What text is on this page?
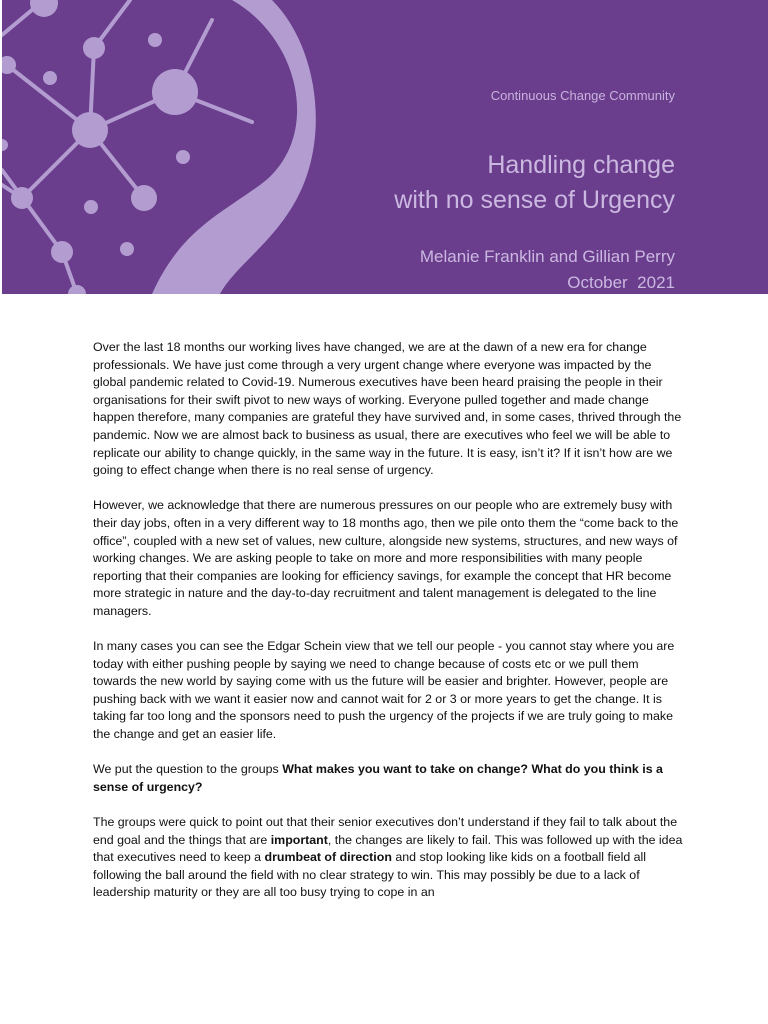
Continuous Change Community
Handling change
with no sense of Urgency
Melanie Franklin and Gillian Perry
October  2021

Over the last 18 months our working lives have changed, we are at the dawn of a new era for change professionals. We have just come through a very urgent change where everyone was impacted by the global pandemic related to Covid-19. Numerous executives have been heard praising the people in their organisations for their swift pivot to new ways of working. Everyone pulled together and made change happen therefore, many companies are grateful they have survived and, in some cases, thrived through the pandemic. Now we are almost back to business as usual, there are executives who feel we will be able to replicate our ability to change quickly, in the same way in the future. It is easy, isn’t it? If it isn’t how are we going to effect change when there is no real sense of urgency.

However, we acknowledge that there are numerous pressures on our people who are extremely busy with their day jobs, often in a very different way to 18 months ago, then we pile onto them the “come back to the office”, coupled with a new set of values, new culture, alongside new systems, structures, and new ways of working changes. We are asking people to take on more and more responsibilities with many people reporting that their companies are looking for efficiency savings, for example the concept that HR become more strategic in nature and the day-to-day recruitment and talent management is delegated to the line managers.

In many cases you can see the Edgar Schein view that we tell our people - you cannot stay where you are today with either pushing people by saying we need to change because of costs etc or we pull them towards the new world by saying come with us the future will be easier and brighter. However, people are pushing back with we want it easier now and cannot wait for 2 or 3 or more years to get the change. It is taking far too long and the sponsors need to push the urgency of the projects if we are truly going to make the change and get an easier life.

We put the question to the groups What makes you want to take on change? What do you think is a sense of urgency?

The groups were quick to point out that their senior executives don’t understand if they fail to talk about the end goal and the things that are important, the changes are likely to fail. This was followed up with the idea that executives need to keep a drumbeat of direction and stop looking like kids on a football field all following the ball around the field with no clear strategy to win. This may possibly be due to a lack of leadership maturity or they are all too busy trying to cope in an
